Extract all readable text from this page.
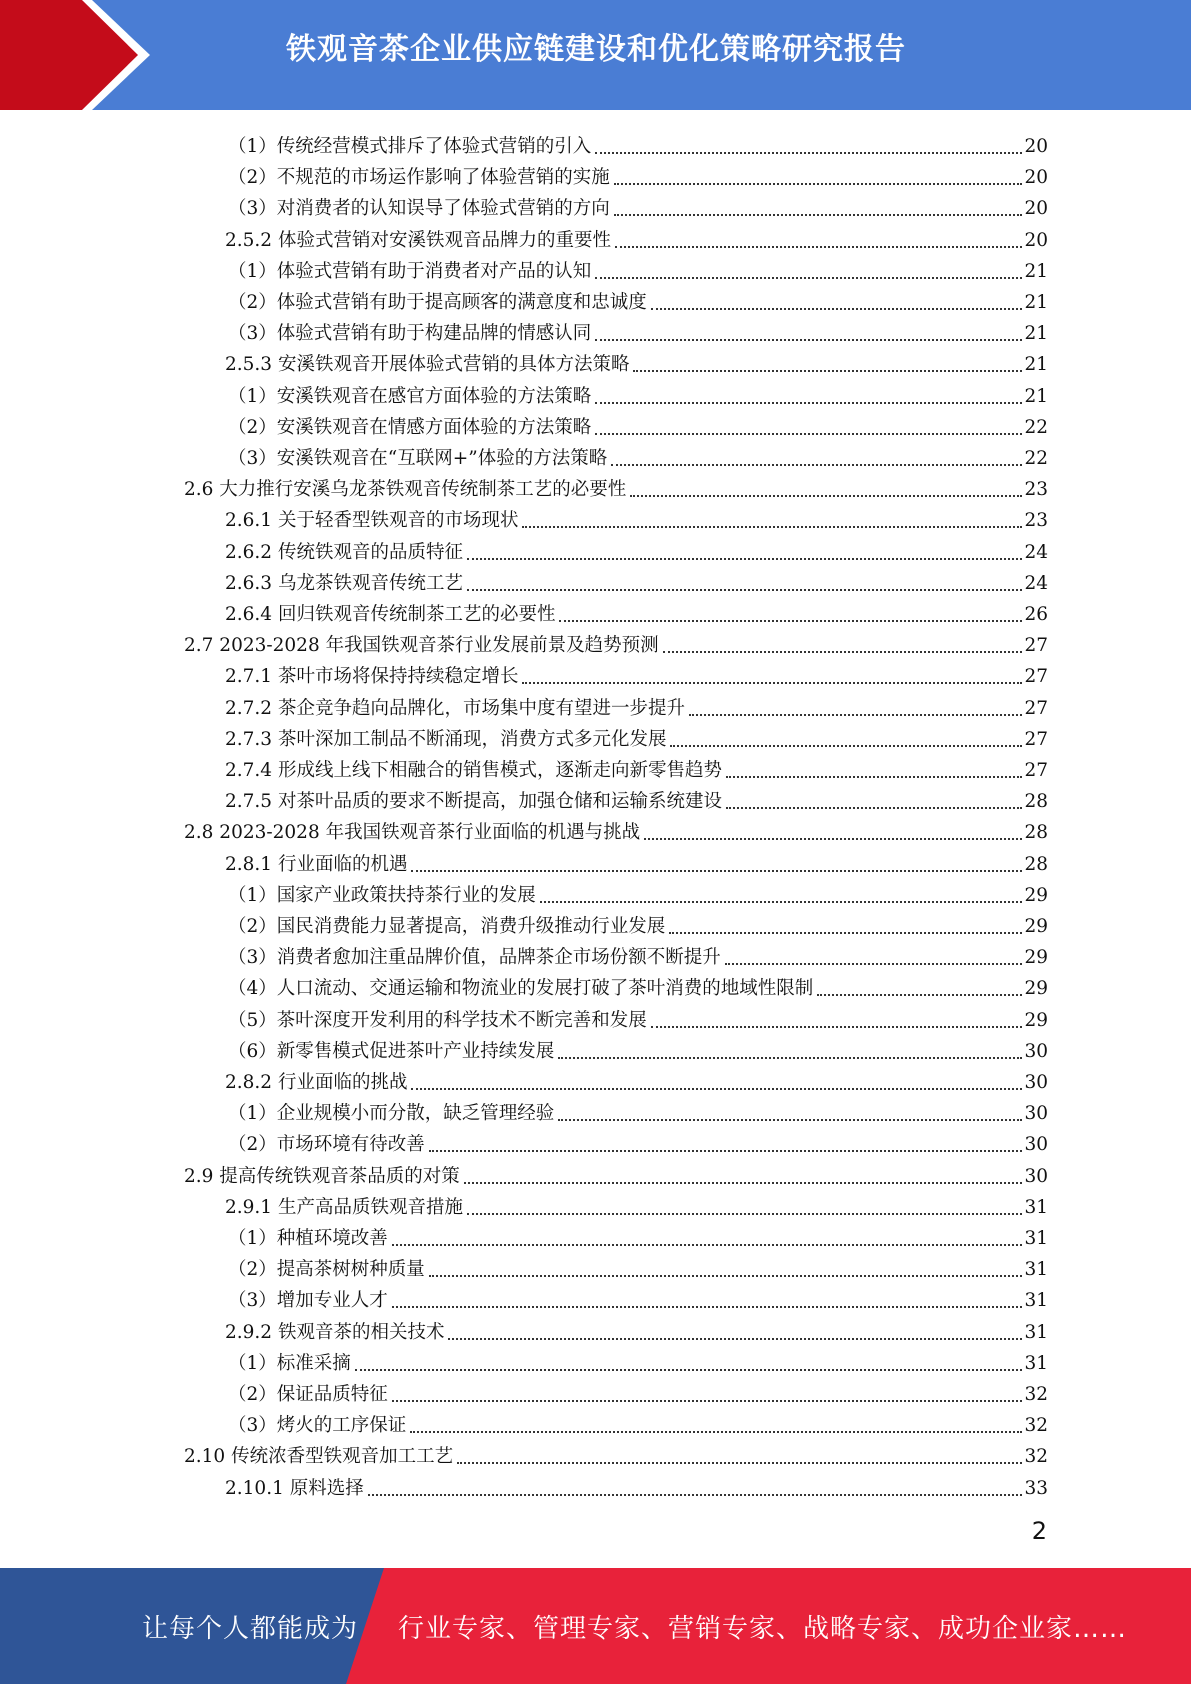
铁观音茶企业供应链建设和优化策略研究报告
（1）传统经营模式排斥了体验式营销的引入	20
（2）不规范的市场运作影响了体验营销的实施	20
（3）对消费者的认知误导了体验式营销的方向	20
2.5.2 体验式营销对安溪铁观音品牌力的重要性	20
（1）体验式营销有助于消费者对产品的认知	21
（2）体验式营销有助于提高顾客的满意度和忠诚度	21
（3）体验式营销有助于构建品牌的情感认同	21
2.5.3 安溪铁观音开展体验式营销的具体方法策略	21
（1）安溪铁观音在感官方面体验的方法策略	21
（2）安溪铁观音在情感方面体验的方法策略	22
（3）安溪铁观音在“互联网+”体验的方法策略	22
2.6 大力推行安溪乌龙茶铁观音传统制茶工艺的必要性	23
2.6.1 关于轻香型铁观音的市场现状	23
2.6.2 传统铁观音的品质特征	24
2.6.3 乌龙茶铁观音传统工艺	24
2.6.4 回归铁观音传统制茶工艺的必要性	26
2.7 2023-2028 年我国铁观音茶行业发展前景及趋势预测	27
2.7.1 茶叶市场将保持持续稳定增长	27
2.7.2 茶企竞争趋向品牌化，市场集中度有望进一步提升	27
2.7.3 茶叶深加工制品不断涌现，消费方式多元化发展	27
2.7.4 形成线上线下相融合的销售模式，逐渐走向新零售趋势	27
2.7.5 对茶叶品质的要求不断提高，加强仓储和运输系统建设	28
2.8 2023-2028 年我国铁观音茶行业面临的机遇与挑战	28
2.8.1 行业面临的机遇	28
（1）国家产业政策扶持茶行业的发展	29
（2）国民消费能力显著提高，消费升级推动行业发展	29
（3）消费者愈加注重品牌价值，品牌茶企市场份额不断提升	29
（4）人口流动、交通运输和物流业的发展打破了茶叶消费的地域性限制	29
（5）茶叶深度开发利用的科学技术不断完善和发展	29
（6）新零售模式促进茶叶产业持续发展	30
2.8.2 行业面临的挑战	30
（1）企业规模小而分散，缺乏管理经验	30
（2）市场环境有待改善	30
2.9 提高传统铁观音茶品质的对策	30
2.9.1 生产高品质铁观音措施	31
（1）种植环境改善	31
（2）提高茶树树种质量	31
（3）增加专业人才	31
2.9.2 铁观音茶的相关技术	31
（1）标准采摘	31
（2）保证品质特征	32
（3）烤火的工序保证	32
2.10 传统浓香型铁观音加工工艺	32
2.10.1 原料选择	33
2
让每个人都能成为 行业专家、管理专家、营销专家、战略专家、成功企业家……
